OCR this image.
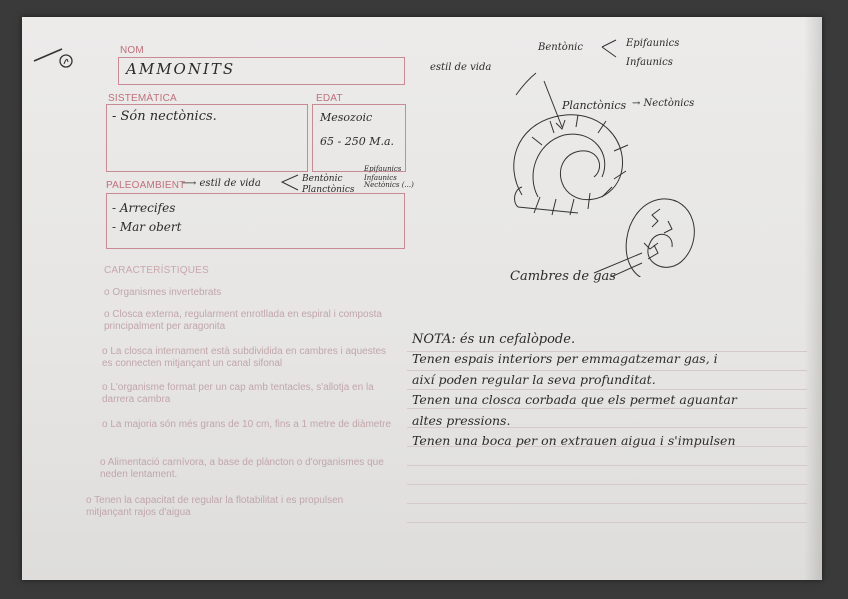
NOM
AMMONITS
SISTEMÀTICA
- Són nectònics.
EDAT
Mesozoic
65 - 250 M.a.
PALEOAMBIENT
⟶ estil de vida	Bentònic
Planctònics
Epifaunics
Infaunics
Nectònics (...)
- Arrecifes
- Mar obert
CARACTERÍSTIQUES
o Organismes invertebrats
o Closca externa, regularment enrotllada en espiral i composta principalment per aragonita
o La closca internament està subdividida en cambres i aquestes es connecten mitjançant un canal sifonal
o L'organisme format per un cap amb tentacles, s'allotja en la darrera cambra
o La majoria són més grans de 10 cm, fins a 1 metre de diàmetre
o Alimentació carnívora, a base de plàncton o d'organismes que neden lentament.
o Tenen la capacitat de regular la flotabilitat i es propulsen mitjançant rajos d'aigua
estil de vida
Bentònic	Epifaunics
Infaunics
Planctònics → Nectònics
Cambres de gas
NOTA: és un cefalòpode.
Tenen espais interiors per emmagatzemar gas, i
així poden regular la seva profunditat.
Tenen una closca corbada que els permet aguantar
altes pressions.
Tenen una boca per on extrauen aigua i s'impulsen
